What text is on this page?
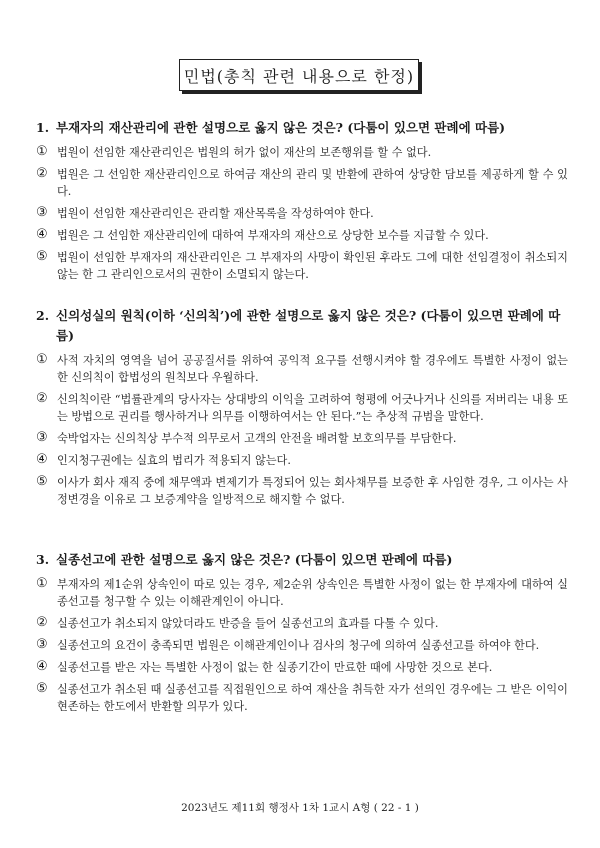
민법(총칙 관련 내용으로 한정)
1. 부재자의 재산관리에 관한 설명으로 옳지 않은 것은? (다툼이 있으면 판례에 따름)
① 법원이 선임한 재산관리인은 법원의 허가 없이 재산의 보존행위를 할 수 없다.
② 법원은 그 선임한 재산관리인으로 하여금 재산의 관리 및 반환에 관하여 상당한 담보를 제공하게 할 수 있다.
③ 법원이 선임한 재산관리인은 관리할 재산목록을 작성하여야 한다.
④ 법원은 그 선임한 재산관리인에 대하여 부재자의 재산으로 상당한 보수를 지급할 수 있다.
⑤ 법원이 선임한 부재자의 재산관리인은 그 부재자의 사망이 확인된 후라도 그에 대한 선임결정이 취소되지 않는 한 그 관리인으로서의 권한이 소멸되지 않는다.
2. 신의성실의 원칙(이하 ‘신의칙’)에 관한 설명으로 옳지 않은 것은? (다툼이 있으면 판례에 따름)
① 사적 자치의 영역을 넘어 공공질서를 위하여 공익적 요구를 선행시켜야 할 경우에도 특별한 사정이 없는 한 신의칙이 합법성의 원칙보다 우월하다.
② 신의칙이란 “법률관계의 당사자는 상대방의 이익을 고려하여 형평에 어긋나거나 신의를 저버리는 내용 또는 방법으로 권리를 행사하거나 의무를 이행하여서는 안 된다.”는 추상적 규범을 말한다.
③ 숙박업자는 신의칙상 부수적 의무로서 고객의 안전을 배려할 보호의무를 부담한다.
④ 인지청구권에는 실효의 법리가 적용되지 않는다.
⑤ 이사가 회사 재직 중에 채무액과 변제기가 특정되어 있는 회사채무를 보증한 후 사임한 경우, 그 이사는 사정변경을 이유로 그 보증계약을 일방적으로 해지할 수 없다.
3. 실종선고에 관한 설명으로 옳지 않은 것은? (다툼이 있으면 판례에 따름)
① 부재자의 제1순위 상속인이 따로 있는 경우, 제2순위 상속인은 특별한 사정이 없는 한 부재자에 대하여 실종선고를 청구할 수 있는 이해관계인이 아니다.
② 실종선고가 취소되지 않았더라도 반증을 들어 실종선고의 효과를 다툴 수 있다.
③ 실종선고의 요건이 충족되면 법원은 이해관계인이나 검사의 청구에 의하여 실종선고를 하여야 한다.
④ 실종선고를 받은 자는 특별한 사정이 없는 한 실종기간이 만료한 때에 사망한 것으로 본다.
⑤ 실종선고가 취소된 때 실종선고를 직접원인으로 하여 재산을 취득한 자가 선의인 경우에는 그 받은 이익이 현존하는 한도에서 반환할 의무가 있다.
2023년도 제11회 행정사 1차 1교시 A형 ( 22 - 1 )
